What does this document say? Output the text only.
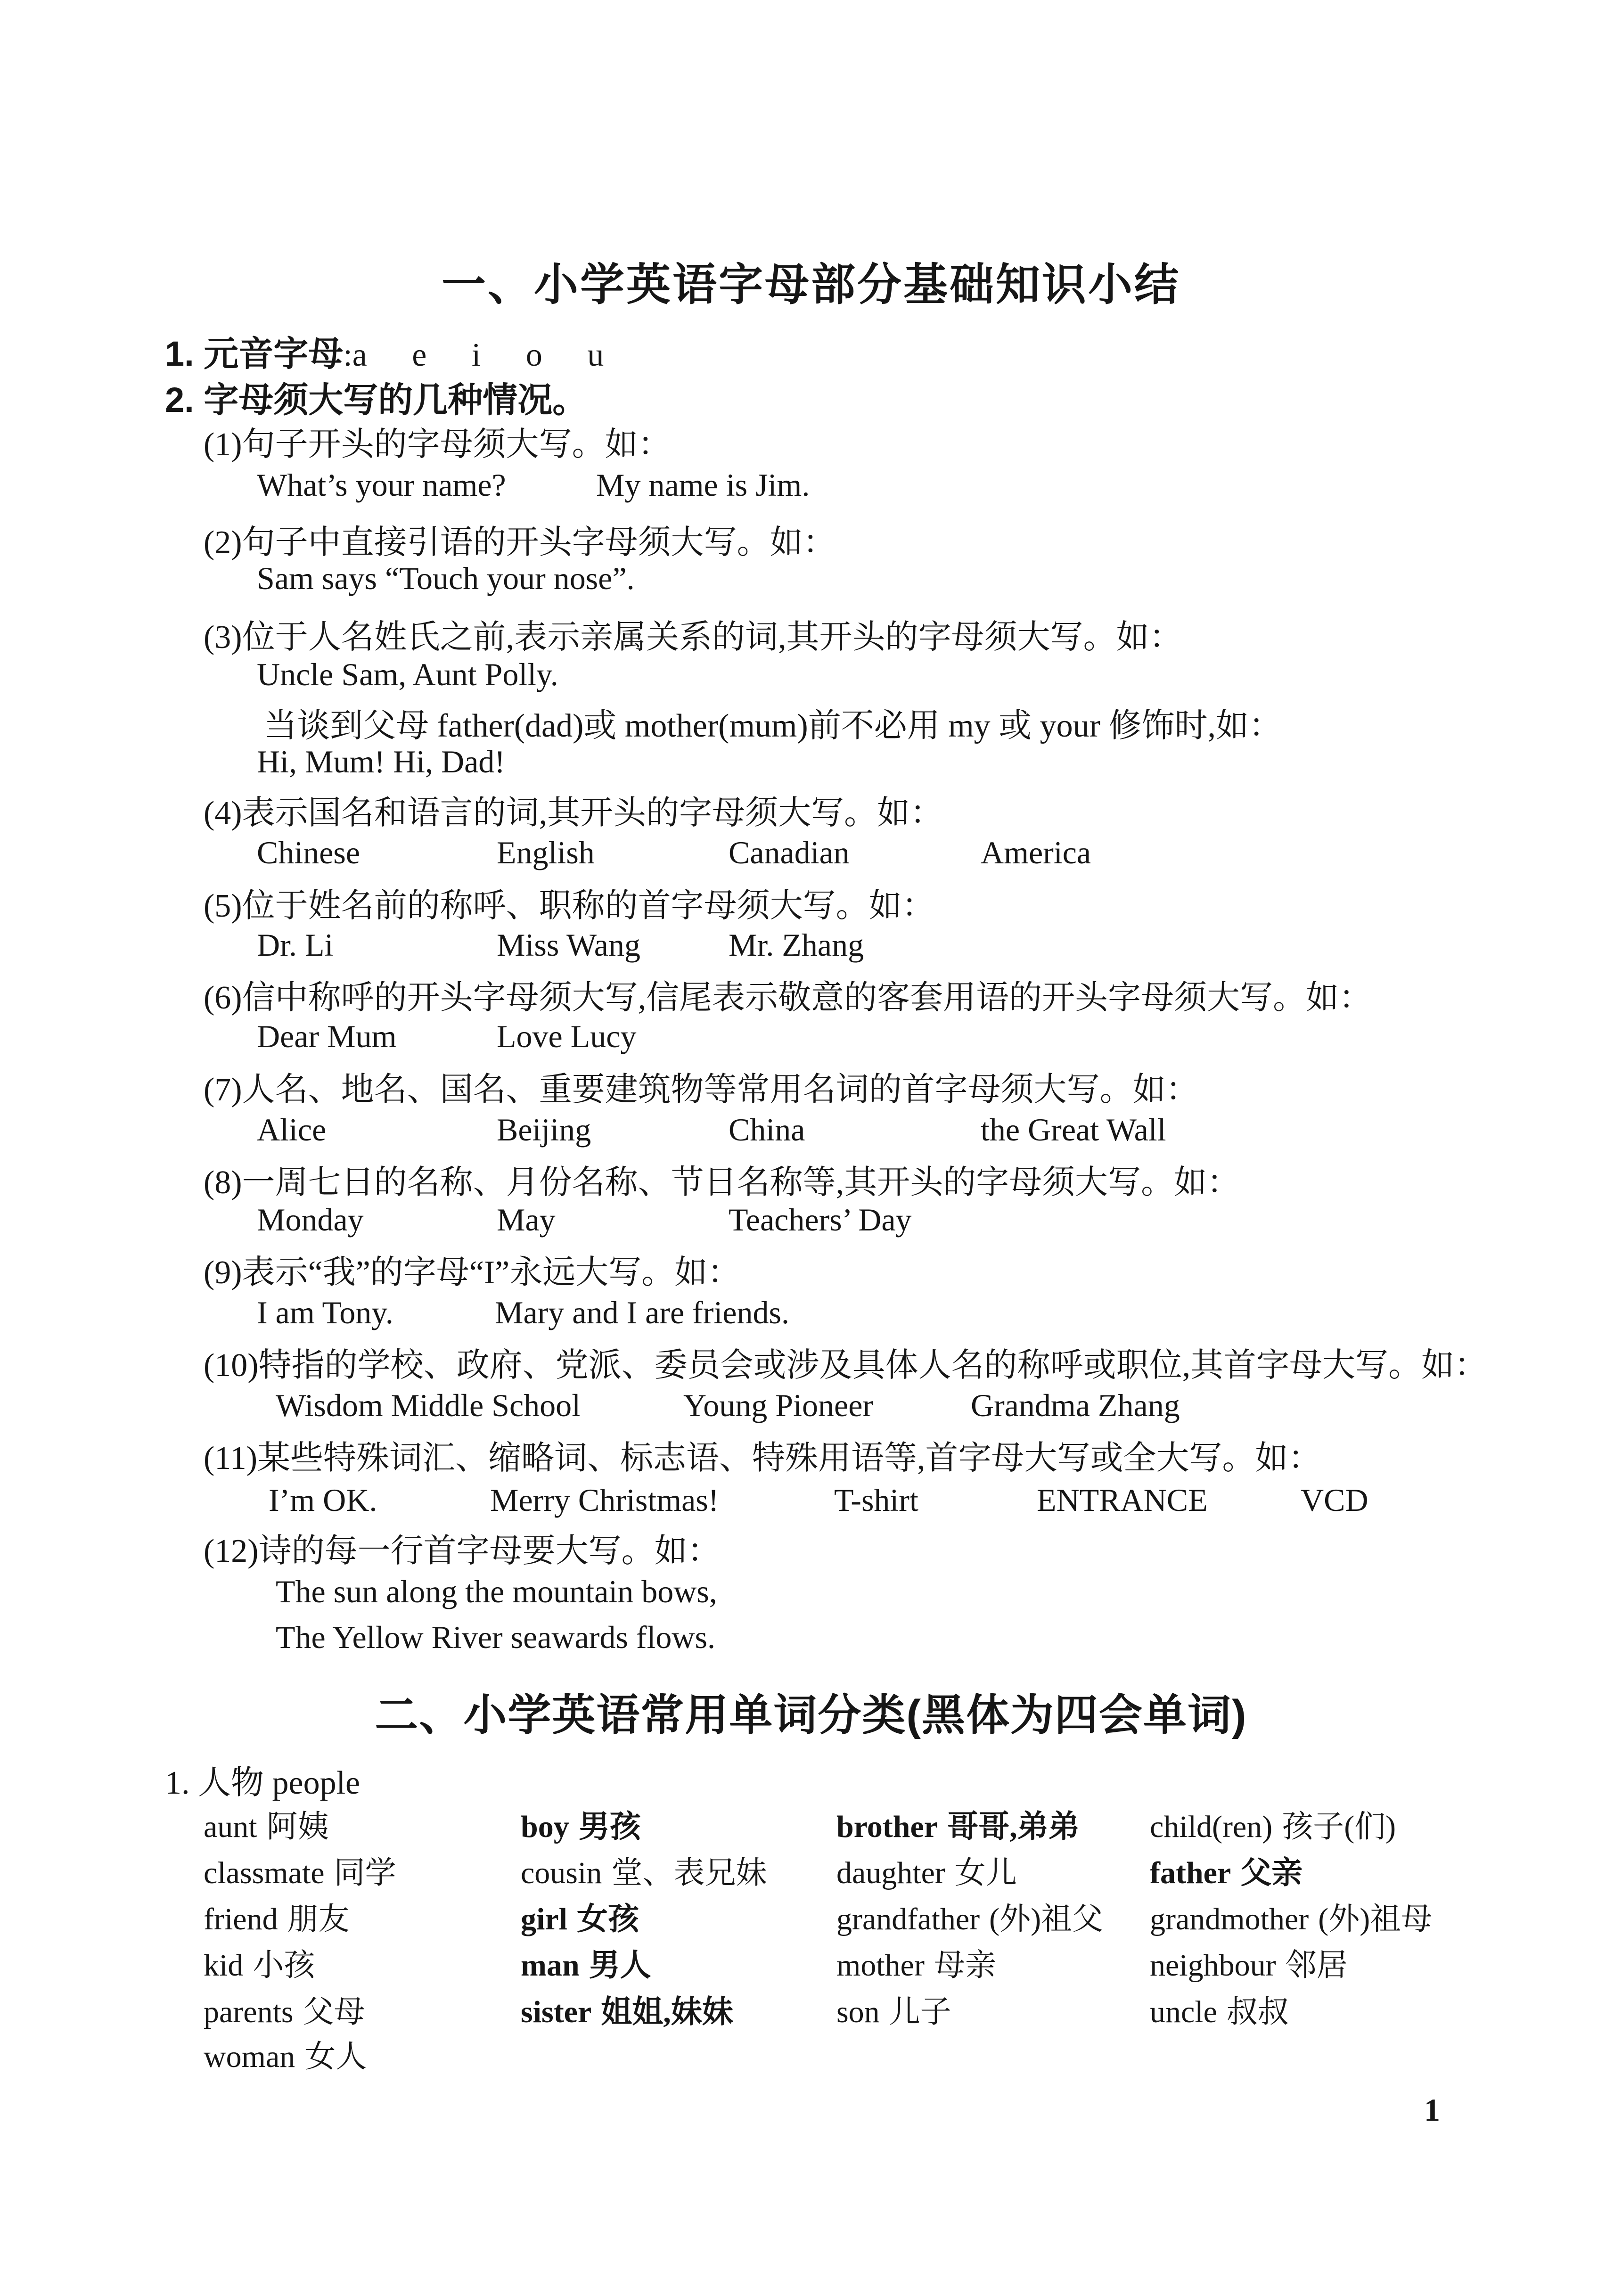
一、小学英语字母部分基础知识小结
1. 元音字母:a e i o u
2. 字母须大写的几种情况。
(1)句子开头的字母须大写。如：
What’s your name?	My name is Jim.
(2)句子中直接引语的开头字母须大写。如：
Sam says “Touch your nose”.
(3)位于人名姓氏之前,表示亲属关系的词,其开头的字母须大写。如：
Uncle Sam, Aunt Polly.
当谈到父母 father(dad)或 mother(mum)前不必用 my 或 your 修饰时,如：
Hi, Mum! Hi, Dad!
(4)表示国名和语言的词,其开头的字母须大写。如：
Chinese	English	Canadian	America
(5)位于姓名前的称呼、职称的首字母须大写。如：
Dr. Li	Miss Wang	Mr. Zhang
(6)信中称呼的开头字母须大写,信尾表示敬意的客套用语的开头字母须大写。如：
Dear Mum	Love Lucy
(7)人名、地名、国名、重要建筑物等常用名词的首字母须大写。如：
Alice	Beijing	China	the Great Wall
(8)一周七日的名称、月份名称、节日名称等,其开头的字母须大写。如：
Monday	May	Teachers’ Day
(9)表示“我”的字母“I”永远大写。如：
I am Tony.	Mary and I are friends.
(10)特指的学校、政府、党派、委员会或涉及具体人名的称呼或职位,其首字母大写。如：
Wisdom Middle School	Young Pioneer	Grandma Zhang
(11)某些特殊词汇、缩略词、标志语、特殊用语等,首字母大写或全大写。如：
I’m OK.	Merry Christmas!	T-shirt	ENTRANCE	VCD
(12)诗的每一行首字母要大写。如：
The sun along the mountain bows,
The Yellow River seawards flows.
二、小学英语常用单词分类(黑体为四会单词)
1. 人物 people
aunt 阿姨	boy 男孩	brother 哥哥,弟弟 child(ren) 孩子(们)
classmate 同学	cousin 堂、表兄妹 daughter 女儿	father 父亲
friend 朋友	girl 女孩	grandfather (外)祖父 grandmother (外)祖母
kid 小孩	man 男人	mother 母亲	neighbour 邻居
parents 父母	sister 姐姐,妹妹	son 儿子	uncle 叔叔
woman 女人
1
